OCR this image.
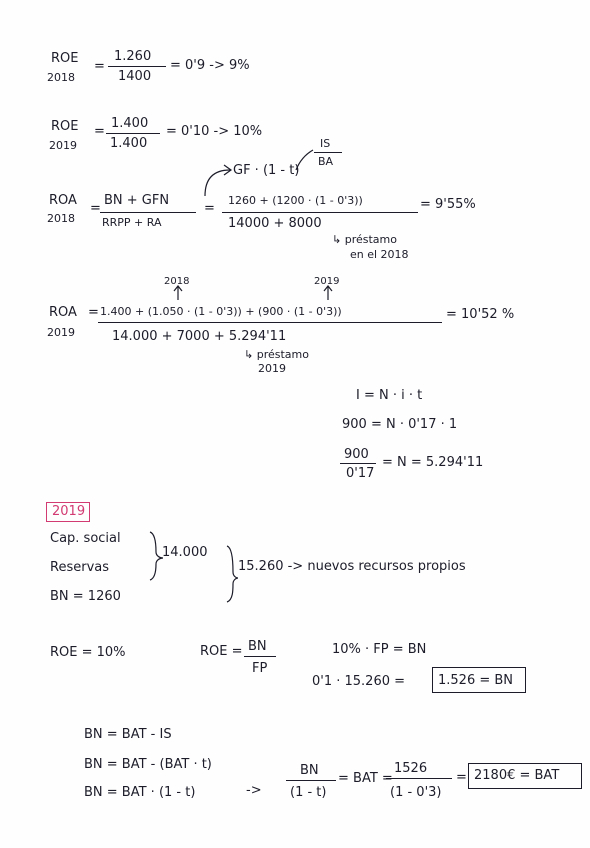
ROE
2018
=
1.260
1400
= 0'9 -> 9%
ROE
2019
=
1.400
1.400
= 0'10 -> 10%
GF · (1 - t)
IS
BA
ROA
2018
=
BN + GFN
RRPP + RA
=
1260 + (1200 · (1 - 0'3))
14000 + 8000
= 9'55%
↳ préstamo
en el 2018
2018	2019
ROA
2019
= 1.400 + (1.050 · (1 - 0'3)) + (900 · (1 - 0'3))
14.000 + 7000 + 5.294'11
= 10'52 %
↳ préstamo
2019
I = N · i · t
900 = N · 0'17 · 1
900
0'17
= N = 5.294'11
2019
Cap. social
Reservas
BN = 1260
14.000
15.260 -> nuevos recursos propios
ROE = 10%	ROE = BN
FP
10% · FP = BN
0'1 · 15.260 =	1.526 = BN
BN = BAT - IS
BN = BAT - (BAT · t)
BN = BAT · (1 - t)	->
BN
(1 - t)
= BAT =
1526
(1 - 0'3)
= 2180€ = BAT
